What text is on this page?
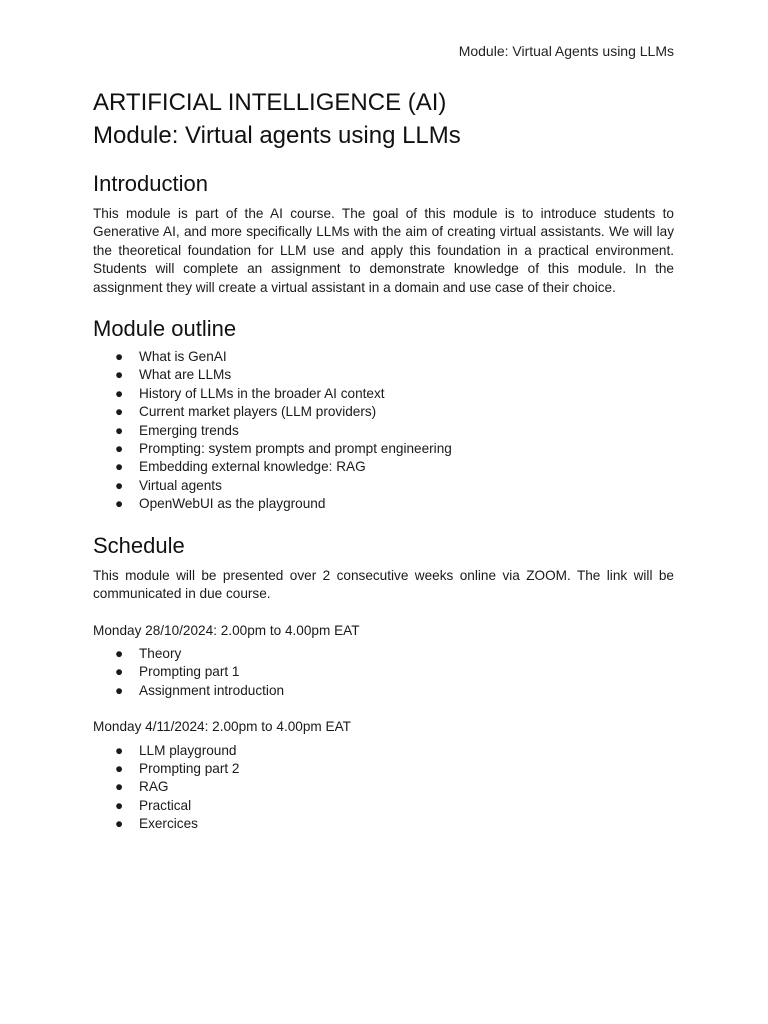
Module: Virtual Agents using LLMs
ARTIFICIAL INTELLIGENCE (AI)
Module: Virtual agents using LLMs
Introduction

This module is part of the AI course. The goal of this module is to introduce students to Generative AI, and more specifically LLMs with the aim of creating virtual assistants. We will lay the theoretical foundation for LLM use and apply this foundation in a practical environment. Students will complete an assignment to demonstrate knowledge of this module. In the assignment they will create a virtual assistant in a domain and use case of their choice.

Module outline
● What is GenAI
● What are LLMs
● History of LLMs in the broader AI context
● Current market players (LLM providers)
● Emerging trends
● Prompting: system prompts and prompt engineering
● Embedding external knowledge: RAG
● Virtual agents
● OpenWebUI as the playground
Schedule

This module will be presented over 2 consecutive weeks online via ZOOM. The link will be communicated in due course.

Monday 28/10/2024: 2.00pm to 4.00pm EAT
● Theory
● Prompting part 1
● Assignment introduction
Monday 4/11/2024: 2.00pm to 4.00pm EAT
● LLM playground
● Prompting part 2
● RAG
● Practical
● Exercices
